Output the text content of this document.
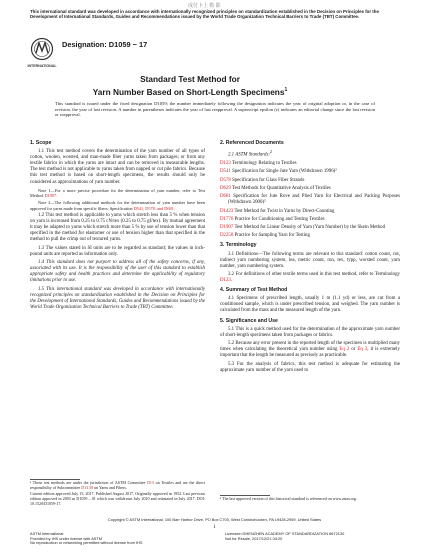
成付卜上 勒 都
This international standard was developed in accordance with internationally recognized principles on standardization established in the Decision on Principles for the Development of International Standards, Guides and Recommendations issued by the World Trade Organization Technical Barriers to Trade (TBT) Committee.
INTERNATIONAL
Designation: D1059 − 17
Standard Test Method for
Yarn Number Based on Short-Length Specimens$^1$
This standard is issued under the fixed designation D1059; the number immediately following the designation indicates the year of original adoption or, in the case of revision, the year of last revision. A number in parentheses indicates the year of last reapproval. A superscript epsilon (ε) indicates an editorial change since the last revision or reapproval.
1. Scope

1.1 This test method covers the determination of the yarn number of all types of cotton, woolen, worsted, and man-made fiber yarns taken from packages; or from any textile fabrics in which the yarns are intact and can be removed in measurable lengths. The test method is not applicable to yarns taken from napped or cut pile fabrics. Because this test method is based on short-length specimens, the results should only be considered as approximations of yarn number.

Note 1—For a more precise procedure for the determination of yarn number, refer to Test Method D1907.

Note 2—The following additional methods for the determination of yarn number have been approved for yarns made from specific fibers: Specification D541, D578, and D681.

1.2 This test method is applicable to yarns which stretch less than 5 % when tension on yarn is increased from 0.25 to 0.75 cN/tex (0.25 to 0.75 gf/tex). By mutual agreement it may be adapted to yarns which stretch more than 5 % by use of tension lower than that specified in the method for elastomer or use of tension higher than that specified in the method to pull the crimp out of textured yarns.

1.3 The values stated in SI units are to be regarded as standard; the values in inch-pound units are reported as information only.

1.4 This standard does not purport to address all of the safety concerns, if any, associated with its use. It is the responsibility of the user of this standard to establish appropriate safety and health practices and determine the applicability of regulatory limitations prior to use.

1.5 This international standard was developed in accordance with internationally recognized principles on standardization established in the Decision on Principles for the Development of International Standards, Guides and Recommendations issued by the World Trade Organization Technical Barriers to Trade (TBT) Committee.

¹ These test methods are under the jurisdiction of ASTM Committee D13 on Textiles and are the direct responsibility of Subcommittee D13.58 on Yarns and Fibers.

Current edition approved July 15, 2017. Published August 2017. Originally approved in 1952. Last previous edition approved in 2003 as D1059 – 01 which was withdrawn July 2010 and reinstated in July 2017. DOI: 10.1520/D1059-17.

2. Referenced Documents

2.1 ASTM Standards:$^2$

D123 Terminology Relating to Textiles

D541 Specification for Single Jute Yarn (Withdrawn 1996)²

D578 Specification for Glass Fiber Strands

D629 Test Methods for Quantitative Analysis of Textiles

D681 Specification for Jute Rove and Plied Yarn for Electrical and Packing Purposes (Withdrawn 2000)²

D1423 Test Method for Twist in Yarns by Direct-Counting

D1776 Practice for Conditioning and Testing Textiles

D1907 Test Method for Linear Density of Yarn (Yarn Number) by the Skein Method

D2258 Practice for Sampling Yarn for Testing

3. Terminology

3.1 Definitions—The following terms are relevant to this standard: cotton count, cut, indirect yarn numbering system, lea, metric count, run, tex, typp, worsted count, yarn number, yarn numbering system.

3.2 For definitions of other textile terms used in this test method, refer to Terminology D123.

4. Summary of Test Method

4.1 Specimens of prescribed length, usually 1 m (1.1 yd) or less, are cut from a conditioned sample, which is under prescribed tension, and weighed. The yarn number is calculated from the mass and the measured length of the yarn.

5. Significance and Use

5.1 This is a quick method used for the determination of the approximate yarn number of short-length specimens taken from packages or fabrics.

5.2 Because any error present in the reported length of the specimen is multiplied many times when calculating the theoretical yarn number using Eq 2 or Eq 3, it is extremely important that the length be measured as precisely as practicable.

5.3 For the analysis of fabrics, this test method is adequate for estimating the approximate yarn number of the yarn used to

² The last approved version of this historical standard is referenced on www.astm.org.
Copyright © ASTM International, 100 Barr Harbor Drive, PO Box C700, West Conshohocken, PA 19428-2959. United States
1
ASTM International
Provided by IHS under license with ASTM
No reproduction or networking permitted without license from IHS
Licensee=SHENZHEN ACADEMY OF STANDARDIZATION 6672130
Not for Resale, 2017/12/21 04:20
